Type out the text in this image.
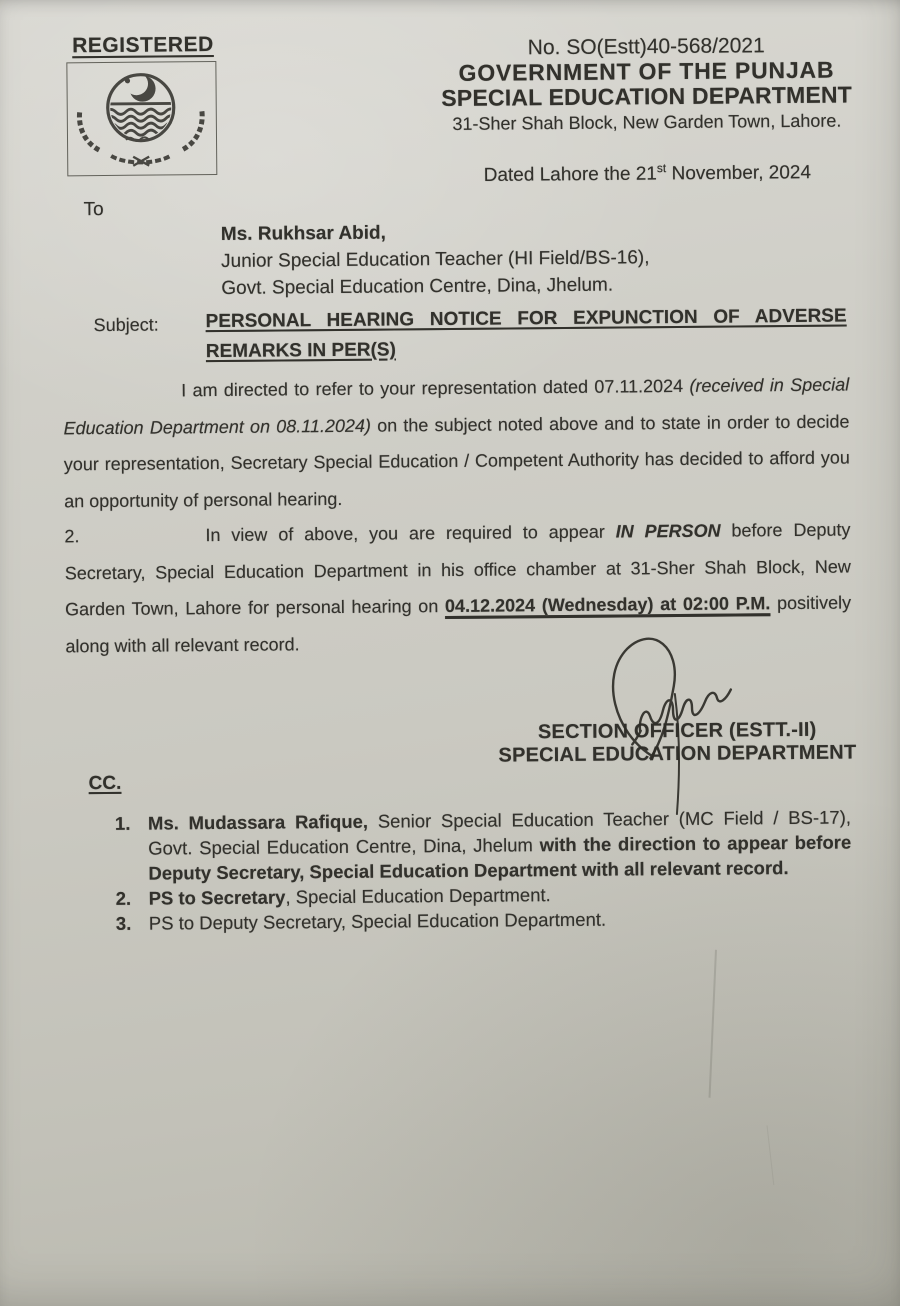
REGISTERED	No. SO(Estt)40-568/2021
GOVERNMENT OF THE PUNJAB
SPECIAL EDUCATION DEPARTMENT
31-Sher Shah Block, New Garden Town, Lahore.
Dated Lahore the 21st November, 2024
To
Ms. Rukhsar Abid,
Junior Special Education Teacher (HI Field/BS-16),
Govt. Special Education Centre, Dina, Jhelum.
Subject: PERSONAL HEARING NOTICE FOR EXPUNCTION OF ADVERSE
REMARKS IN PER(S)
I am directed to refer to your representation dated 07.11.2024 (received in Special Education Department on 08.11.2024) on the subject noted above and to state in order to decide your representation, Secretary Special Education / Competent Authority has decided to afford you an opportunity of personal hearing.
2.	In view of above, you are required to appear IN PERSON before Deputy Secretary, Special Education Department in his office chamber at 31-Sher Shah Block, New Garden Town, Lahore for personal hearing on 04.12.2024 (Wednesday) at 02:00 P.M. positively along with all relevant record.
SECTION OFFICER (ESTT.-II)
SPECIAL EDUCATION DEPARTMENT
CC.
1. Ms. Mudassara Rafique, Senior Special Education Teacher (MC Field / BS-17), Govt. Special Education Centre, Dina, Jhelum with the direction to appear before Deputy Secretary, Special Education Department with all relevant record.
2. PS to Secretary, Special Education Department.
3. PS to Deputy Secretary, Special Education Department.
